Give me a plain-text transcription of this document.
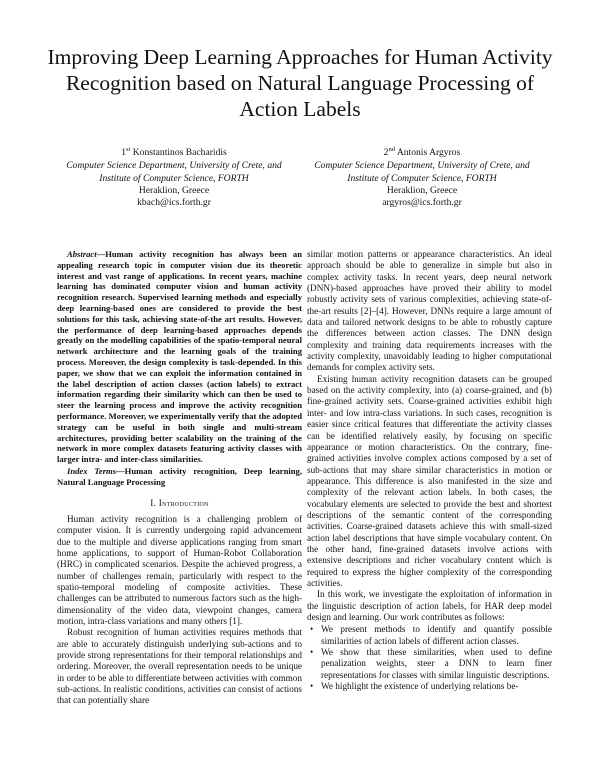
Improving Deep Learning Approaches for Human Activity Recognition based on Natural Language Processing of Action Labels
1st Konstantinos Bacharidis
Computer Science Department, University of Crete, and
Institute of Computer Science, FORTH
Heraklion, Greece
kbach@ics.forth.gr
2nd Antonis Argyros
Computer Science Department, University of Crete, and
Institute of Computer Science, FORTH
Heraklion, Greece
argyros@ics.forth.gr

Abstract—Human activity recognition has always been an appealing research topic in computer vision due its theoretic interest and vast range of applications. In recent years, machine learning has dominated computer vision and human activity recognition research. Supervised learning methods and especially deep learning-based ones are considered to provide the best solutions for this task, achieving state-of-the art results. However, the performance of deep learning-based approaches depends greatly on the modelling capabilities of the spatio-temporal neural network architecture and the learning goals of the training process. Moreover, the design complexity is task-depended. In this paper, we show that we can exploit the information contained in the label description of action classes (action labels) to extract information regarding their similarity which can then be used to steer the learning process and improve the activity recognition performance. Moreover, we experimentally verify that the adopted strategy can be useful in both single and multi-stream architectures, providing better scalability on the training of the network in more complex datasets featuring activity classes with larger intra- and inter-class similarities.

Index Terms—Human activity recognition, Deep learning, Natural Language Processing

I. Introduction

Human activity recognition is a challenging problem of computer vision. It is currently undergoing rapid advancement due to the multiple and diverse applications ranging from smart home applications, to support of Human-Robot Collaboration (HRC) in complicated scenarios. Despite the achieved progress, a number of challenges remain, particularly with respect to the spatio-temporal modeling of composite activities. These challenges can be attributed to numerous factors such as the high-dimensionality of the video data, viewpoint changes, camera motion, intra-class variations and many others [1].

Robust recognition of human activities requires methods that are able to accurately distinguish underlying sub-actions and to provide strong representations for their temporal relationships and ordering. Moreover, the overall representation needs to be unique in order to be able to differentiate between activities with common sub-actions. In realistic conditions, activities can consist of actions that can potentially share

similar motion patterns or appearance characteristics. An ideal approach should be able to generalize in simple but also in complex activity tasks. In recent years, deep neural network (DNN)-based approaches have proved their ability to model robustly activity sets of various complexities, achieving state-of-the-art results [2]–[4]. However, DNNs require a large amount of data and tailored network designs to be able to robustly capture the differences between action classes. The DNN design complexity and training data requirements increases with the activity complexity, unavoidably leading to higher computational demands for complex activity sets.

Existing human activity recognition datasets can be grouped based on the activity complexity, into (a) coarse-grained, and (b) fine-grained activity sets. Coarse-grained activities exhibit high inter- and low intra-class variations. In such cases, recognition is easier since critical features that differentiate the activity classes can be identified relatively easily, by focusing on specific appearance or motion characteristics. On the contrary, fine-grained activities involve complex actions composed by a set of sub-actions that may share similar characteristics in motion or appearance. This difference is also manifested in the size and complexity of the relevant action labels. In both cases, the vocabulary elements are selected to provide the best and shortest descriptions of the semantic content of the corresponding activities. Coarse-grained datasets achieve this with small-sized action label descriptions that have simple vocabulary content. On the other hand, fine-grained datasets involve actions with extensive descriptions and richer vocabulary content which is required to express the higher complexity of the corresponding activities.

In this work, we investigate the exploitation of information in the linguistic description of action labels, for HAR deep model design and learning. Our work contributes as follows:

• We present methods to identify and quantify possible similarities of action labels of different action classes.
• We show that these similarities, when used to define penalization weights, steer a DNN to learn finer representations for classes with similar linguistic descriptions.
• We highlight the existence of underlying relations be-
